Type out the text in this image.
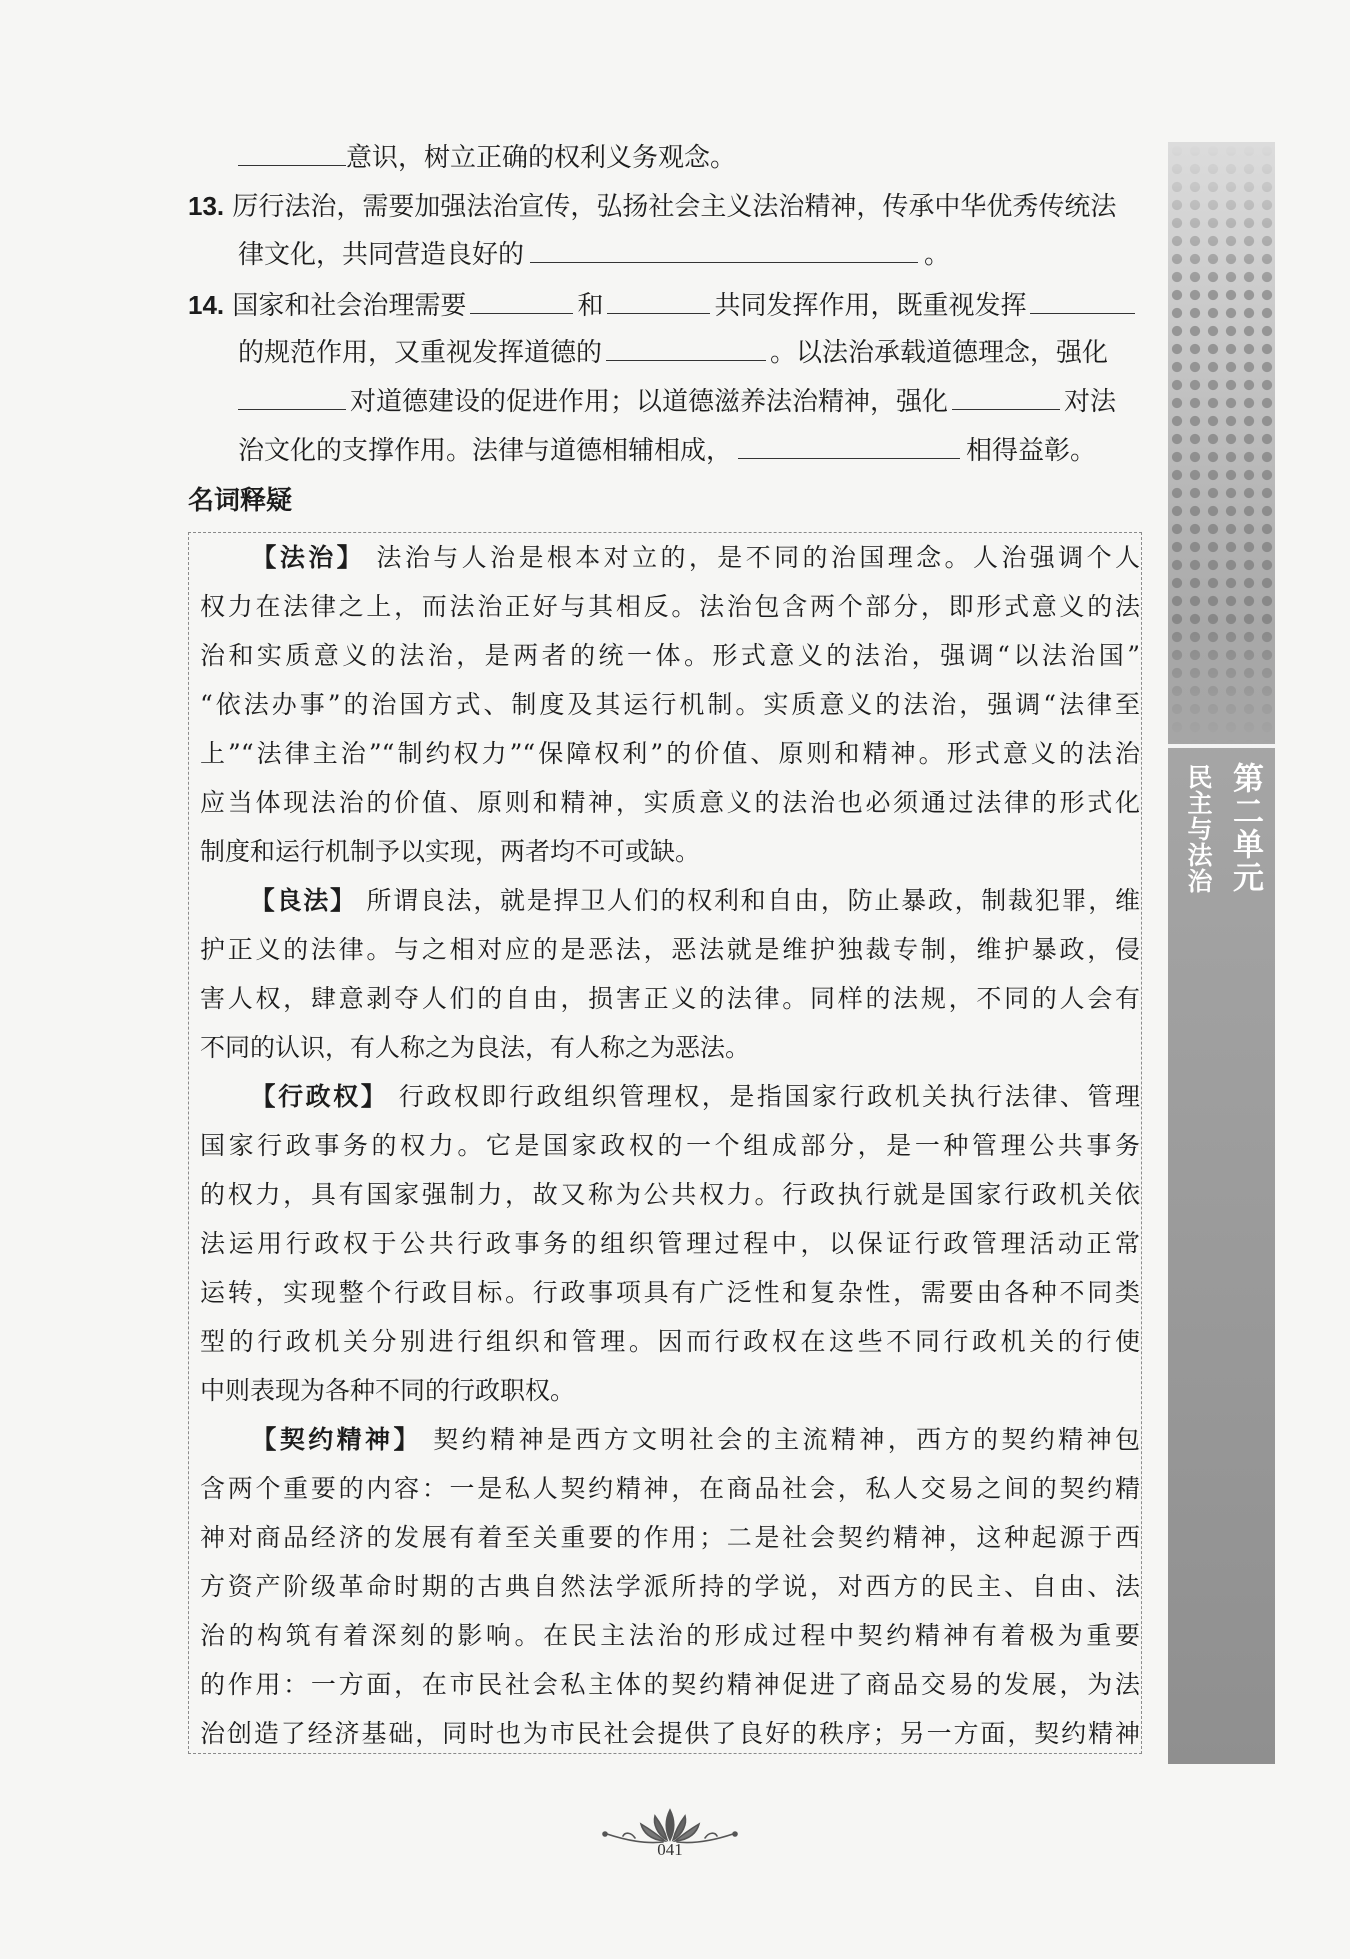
第二单元
民主与法治
意识，树立正确的权利义务观念。
13. 厉行法治，需要加强法治宣传，弘扬社会主义法治精神，传承中华优秀传统法
律文化，共同营造良好的	。
14. 国家和社会治理需要	和	共同发挥作用，既重视发挥
的规范作用，又重视发挥道德的	。以法治承载道德理念，强化
对道德建设的促进作用；以道德滋养法治精神，强化	对法
治文化的支撑作用。法律与道德相辅相成，	相得益彰。
名词释疑
【法治】 法治与人治是根本对立的，是不同的治国理念。人治强调个人
权力在法律之上，而法治正好与其相反。法治包含两个部分，即形式意义的法
治和实质意义的法治，是两者的统一体。形式意义的法治，强调“以法治国”
“依法办事”的治国方式、制度及其运行机制。实质意义的法治，强调“法律至
上”“法律主治”“制约权力”“保障权利”的价值、原则和精神。形式意义的法治
应当体现法治的价值、原则和精神，实质意义的法治也必须通过法律的形式化
制度和运行机制予以实现，两者均不可或缺。
【良法】 所谓良法，就是捍卫人们的权利和自由，防止暴政，制裁犯罪，维
护正义的法律。与之相对应的是恶法，恶法就是维护独裁专制，维护暴政，侵
害人权，肆意剥夺人们的自由，损害正义的法律。同样的法规，不同的人会有
不同的认识，有人称之为良法，有人称之为恶法。
【行政权】 行政权即行政组织管理权，是指国家行政机关执行法律、管理
国家行政事务的权力。它是国家政权的一个组成部分，是一种管理公共事务
的权力，具有国家强制力，故又称为公共权力。行政执行就是国家行政机关依
法运用行政权于公共行政事务的组织管理过程中，以保证行政管理活动正常
运转，实现整个行政目标。行政事项具有广泛性和复杂性，需要由各种不同类
型的行政机关分别进行组织和管理。因而行政权在这些不同行政机关的行使
中则表现为各种不同的行政职权。
【契约精神】 契约精神是西方文明社会的主流精神，西方的契约精神包
含两个重要的内容：一是私人契约精神，在商品社会，私人交易之间的契约精
神对商品经济的发展有着至关重要的作用；二是社会契约精神，这种起源于西
方资产阶级革命时期的古典自然法学派所持的学说，对西方的民主、自由、法
治的构筑有着深刻的影响。在民主法治的形成过程中契约精神有着极为重要
的作用：一方面，在市民社会私主体的契约精神促进了商品交易的发展，为法
治创造了经济基础，同时也为市民社会提供了良好的秩序；另一方面，契约精神
041
